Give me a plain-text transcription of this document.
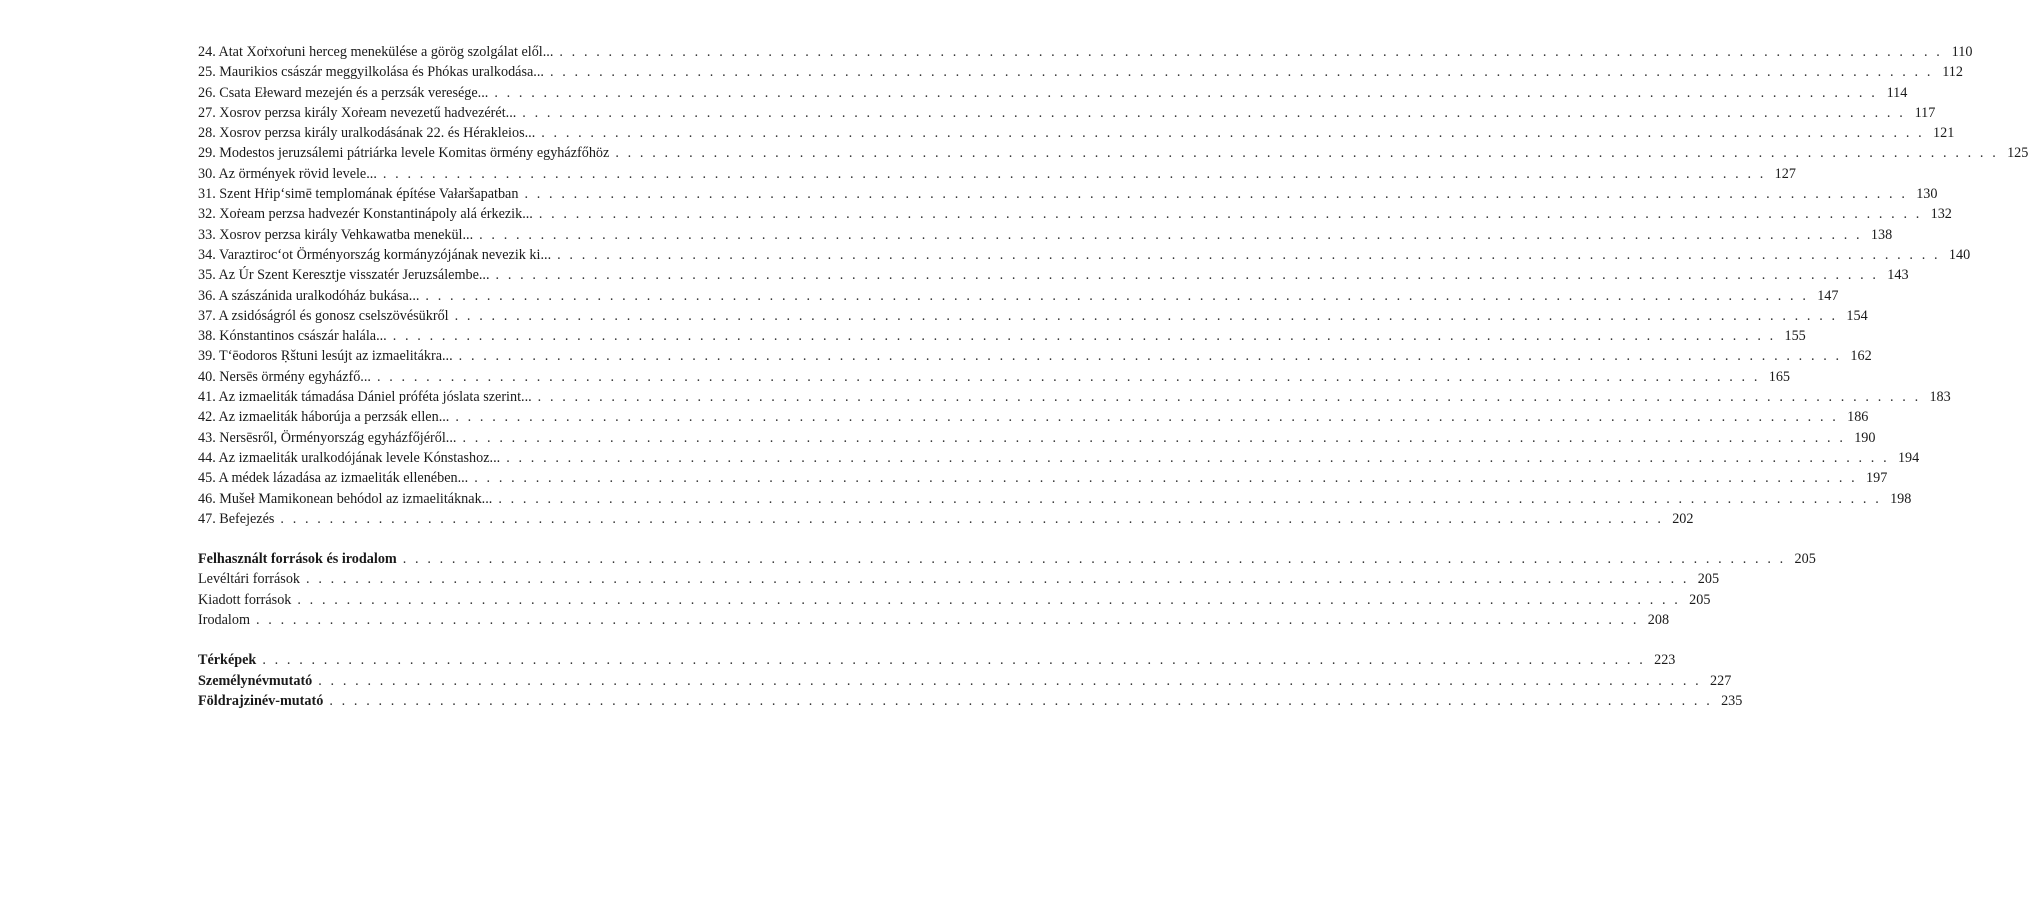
24. Atat Xoṙxoṙuni herceg menekülése a görög szolgálat elől... . . .	110
25. Maurikios császár meggyilkolása és Phókas uralkodása... . . .	112
26. Csata Ełeward mezején és a perzsák veresége... . . .	114
27. Xosrov perzsa király Xoṙeam nevezetű hadvezérét... . . .	117
28. Xosrov perzsa király uralkodásának 22. és Hérakleios... . . .	121
29. Modestos jeruzsálemi pátriárka levele Komitas örmény egyházfőhöz . . .	125
30. Az örmények rövid levele... . . .	127
31. Szent Hṙip‘simē templomának építése Vałaršapatban . . .	130
32. Xoṙeam perzsa hadvezér Konstantinápoly alá érkezik... . . .	132
33. Xosrov perzsa király Vehkawatba menekül... . . .	138
34. Varaztiroc‘ot Örményország kormányzójának nevezik ki... . . .	140
35. Az Úr Szent Keresztje visszatér Jeruzsálembe... . . .	143
36. A szászánida uralkodóház bukása... . . .	147
37. A zsidóságról és gonosz cselszövésükről . . .	154
38. Kónstantinos császár halála... . . .	155
39. T‘ēodoros Ṛštuni lesújt az izmaelitákra... . . .	162
40. Nersēs örmény egyházfő... . . .	165
41. Az izmaeliták támadása Dániel próféta jóslata szerint... . . .	183
42. Az izmaeliták háborúja a perzsák ellen... . . .	186
43. Nersēsről, Örményország egyházfőjéről... . . .	190
44. Az izmaeliták uralkodójának levele Kónstashoz... . . .	194
45. A médek lázadása az izmaeliták ellenében... . . .	197
46. Mušeł Mamikonean behódol az izmaelitáknak... . . .	198
47. Befejezés . . .	202
Felhasznált források és irodalom . . .	205
Levéltári források . . .	205
Kiadott források . . .	205
Irodalom . . .	208
Térképek . . .	223
Személynévmutató . . .	227
Földrajzinév-mutató . . .	235
